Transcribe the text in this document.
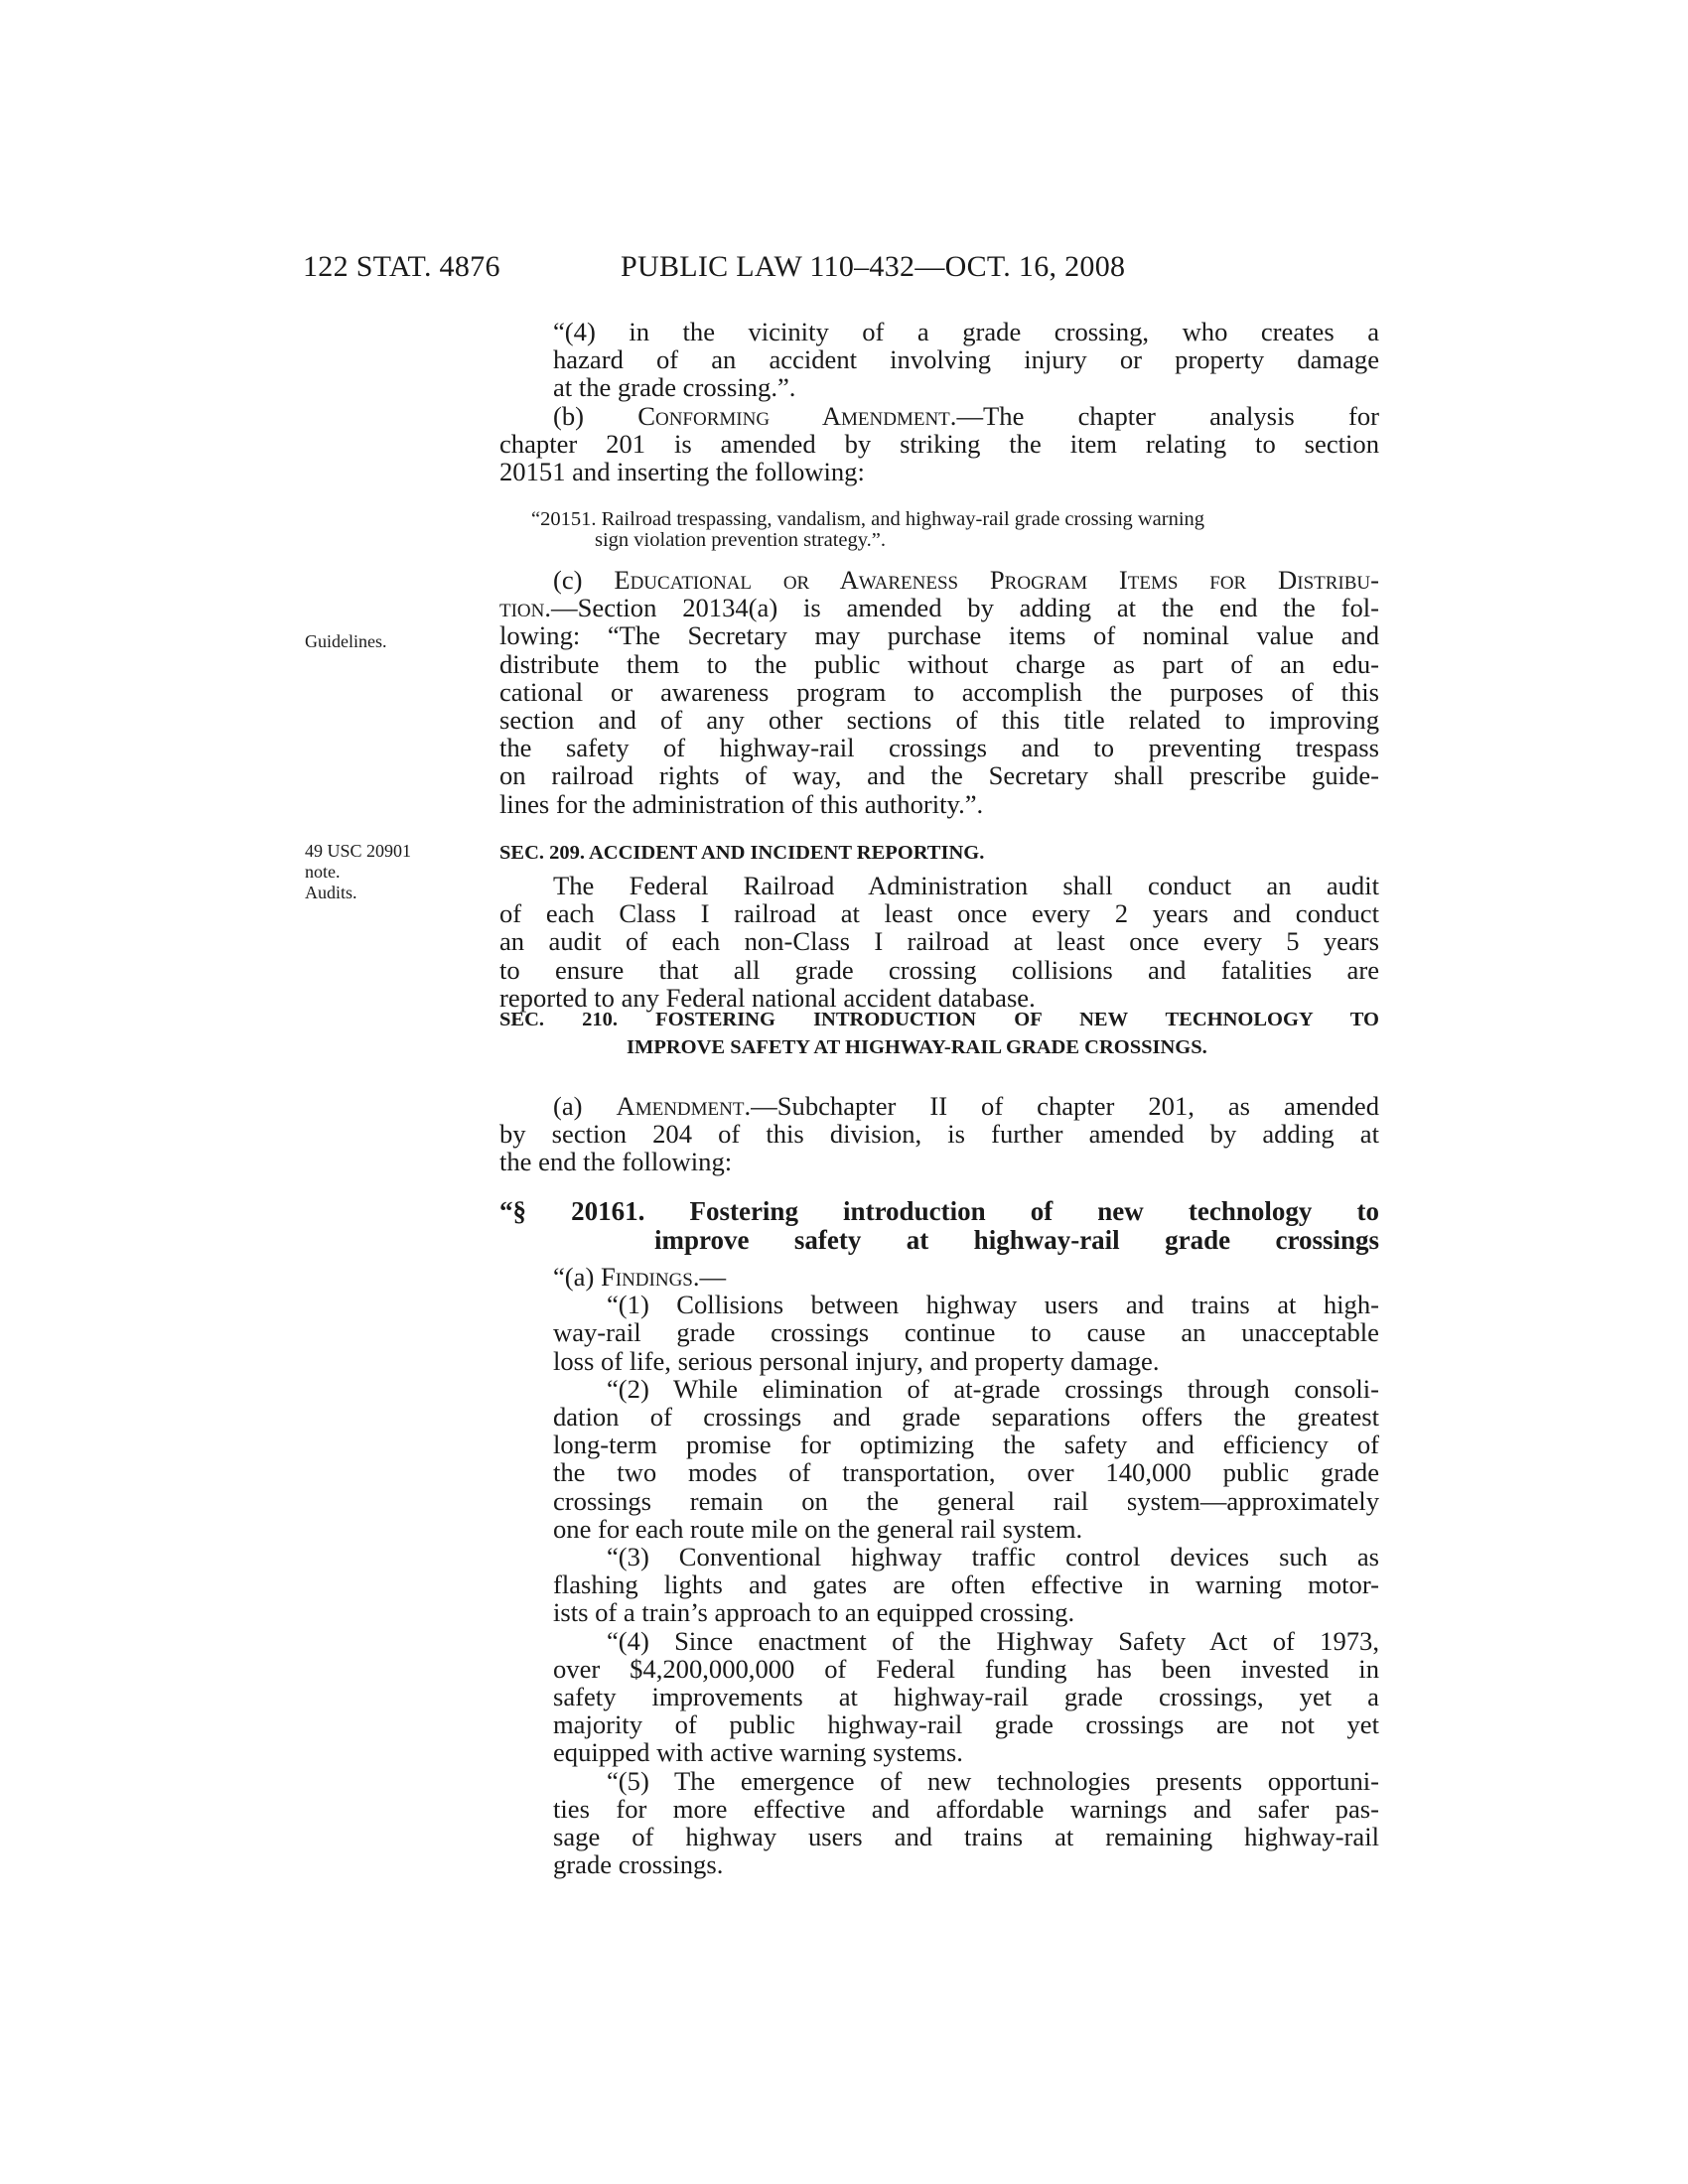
122 STAT. 4876	PUBLIC LAW 110–432—OCT. 16, 2008
Guidelines.
49 USC 20901
note.
Audits.

“(4) in the vicinity of a grade crossing, who creates a

hazard of an accident involving injury or property damage

at the grade crossing.”.

(b) Conforming Amendment.—The chapter analysis for

chapter 201 is amended by striking the item relating to section

20151 and inserting the following:

“20151. Railroad trespassing, vandalism, and highway-rail grade crossing warning
sign violation prevention strategy.”.

(c) Educational or Awareness Program Items for Distribu-

tion.—Section 20134(a) is amended by adding at the end the fol-

lowing: “The Secretary may purchase items of nominal value and

distribute them to the public without charge as part of an edu-

cational or awareness program to accomplish the purposes of this

section and of any other sections of this title related to improving

the safety of highway-rail crossings and to preventing trespass

on railroad rights of way, and the Secretary shall prescribe guide-

lines for the administration of this authority.”.

SEC. 209. ACCIDENT AND INCIDENT REPORTING.

The Federal Railroad Administration shall conduct an audit

of each Class I railroad at least once every 2 years and conduct

an audit of each non-Class I railroad at least once every 5 years

to ensure that all grade crossing collisions and fatalities are

reported to any Federal national accident database.

SEC. 210. FOSTERING INTRODUCTION OF NEW TECHNOLOGY TO
IMPROVE SAFETY AT HIGHWAY-RAIL GRADE CROSSINGS.

(a) Amendment.—Subchapter II of chapter 201, as amended

by section 204 of this division, is further amended by adding at

the end the following:

“§ 20161. Fostering introduction of new technology to
improve safety at highway-rail grade crossings

“(a) Findings.—

“(1) Collisions between highway users and trains at high-

way-rail grade crossings continue to cause an unacceptable

loss of life, serious personal injury, and property damage.

“(2) While elimination of at-grade crossings through consoli-

dation of crossings and grade separations offers the greatest

long-term promise for optimizing the safety and efficiency of

the two modes of transportation, over 140,000 public grade

crossings remain on the general rail system—approximately

one for each route mile on the general rail system.

“(3) Conventional highway traffic control devices such as

flashing lights and gates are often effective in warning motor-

ists of a train’s approach to an equipped crossing.

“(4) Since enactment of the Highway Safety Act of 1973,

over $4,200,000,000 of Federal funding has been invested in

safety improvements at highway-rail grade crossings, yet a

majority of public highway-rail grade crossings are not yet

equipped with active warning systems.

“(5) The emergence of new technologies presents opportuni-

ties for more effective and affordable warnings and safer pas-

sage of highway users and trains at remaining highway-rail

grade crossings.
